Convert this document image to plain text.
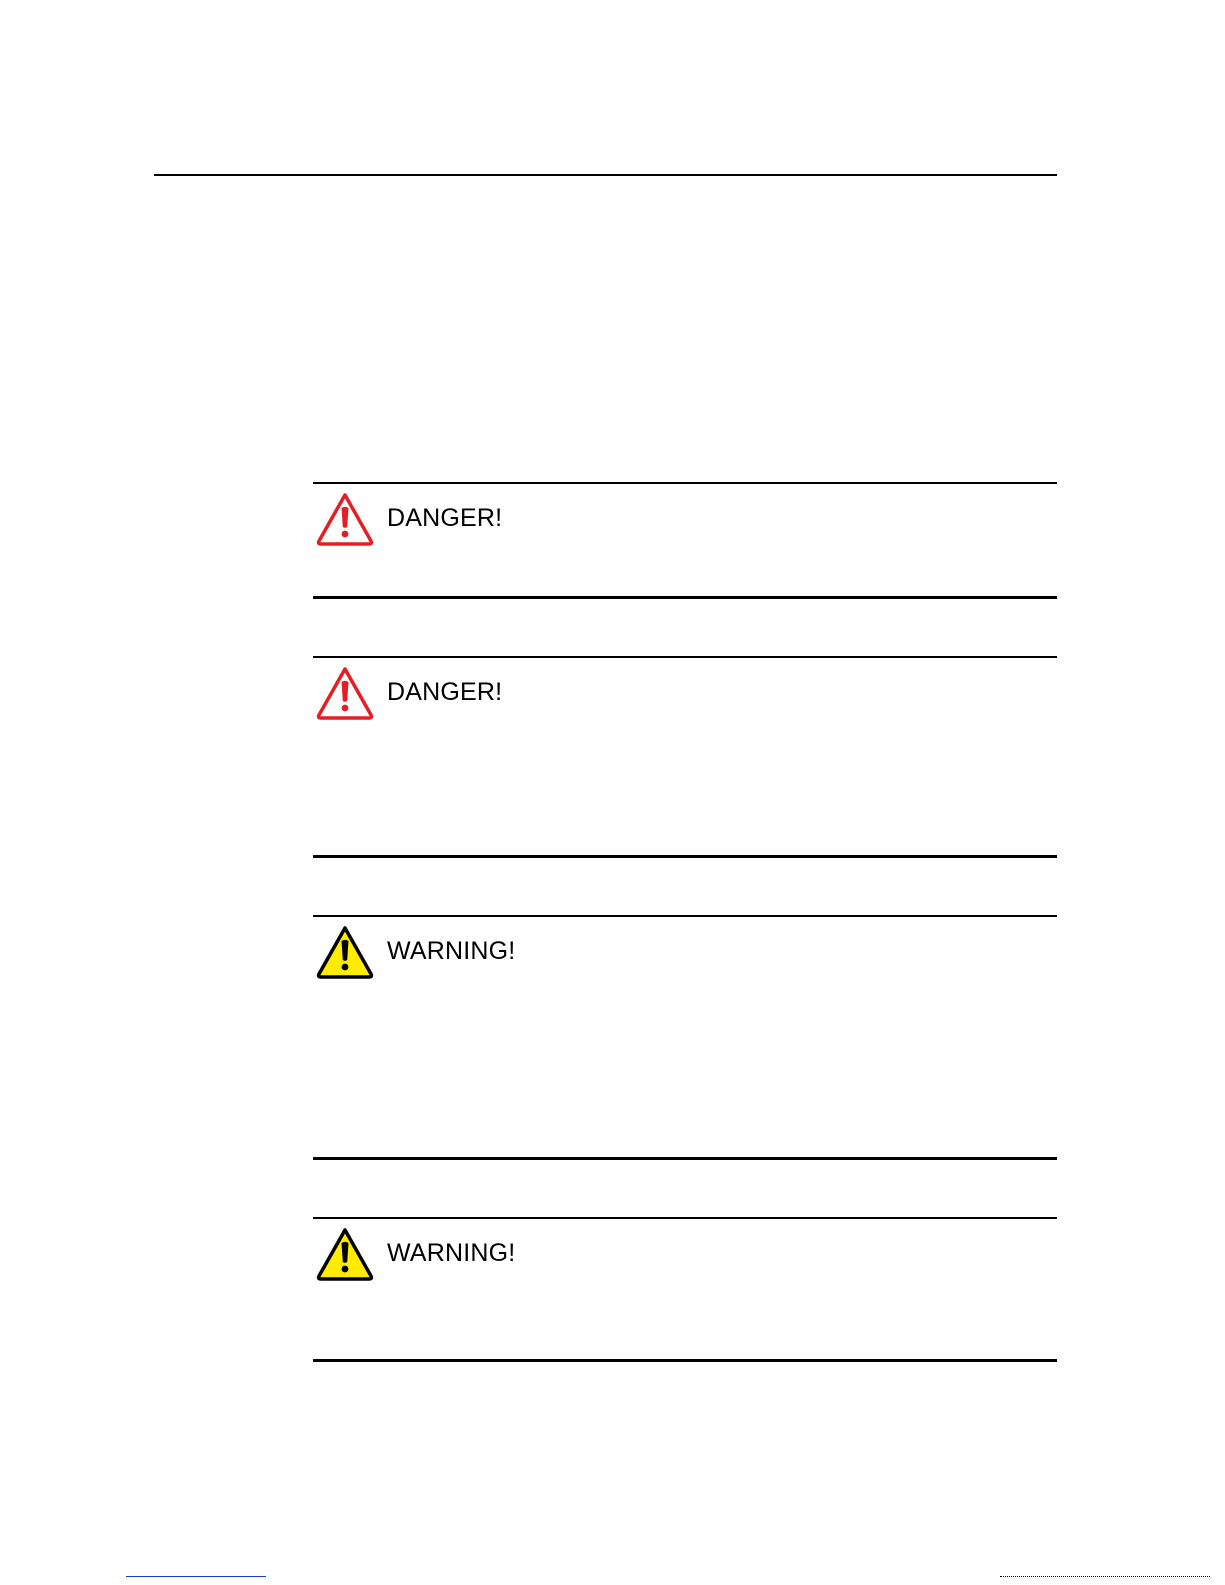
DANGER!
DANGER!
WARNING!
WARNING!
